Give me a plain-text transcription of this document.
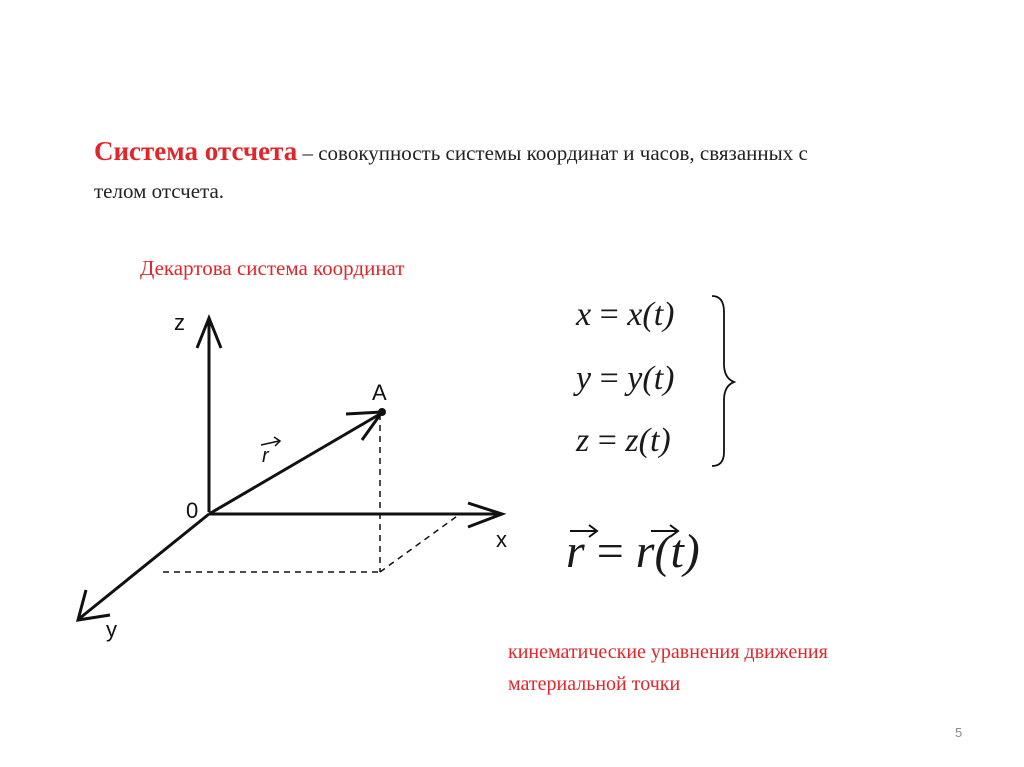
Система отсчета – совокупность системы координат и часов, связанных с телом отсчета.
Декартова система координат
z
x
y
0
A
r
x = x(t)
y = y(t)
z = z(t)
r = r(t)
кинематические уравнения движения материальной точки
5
